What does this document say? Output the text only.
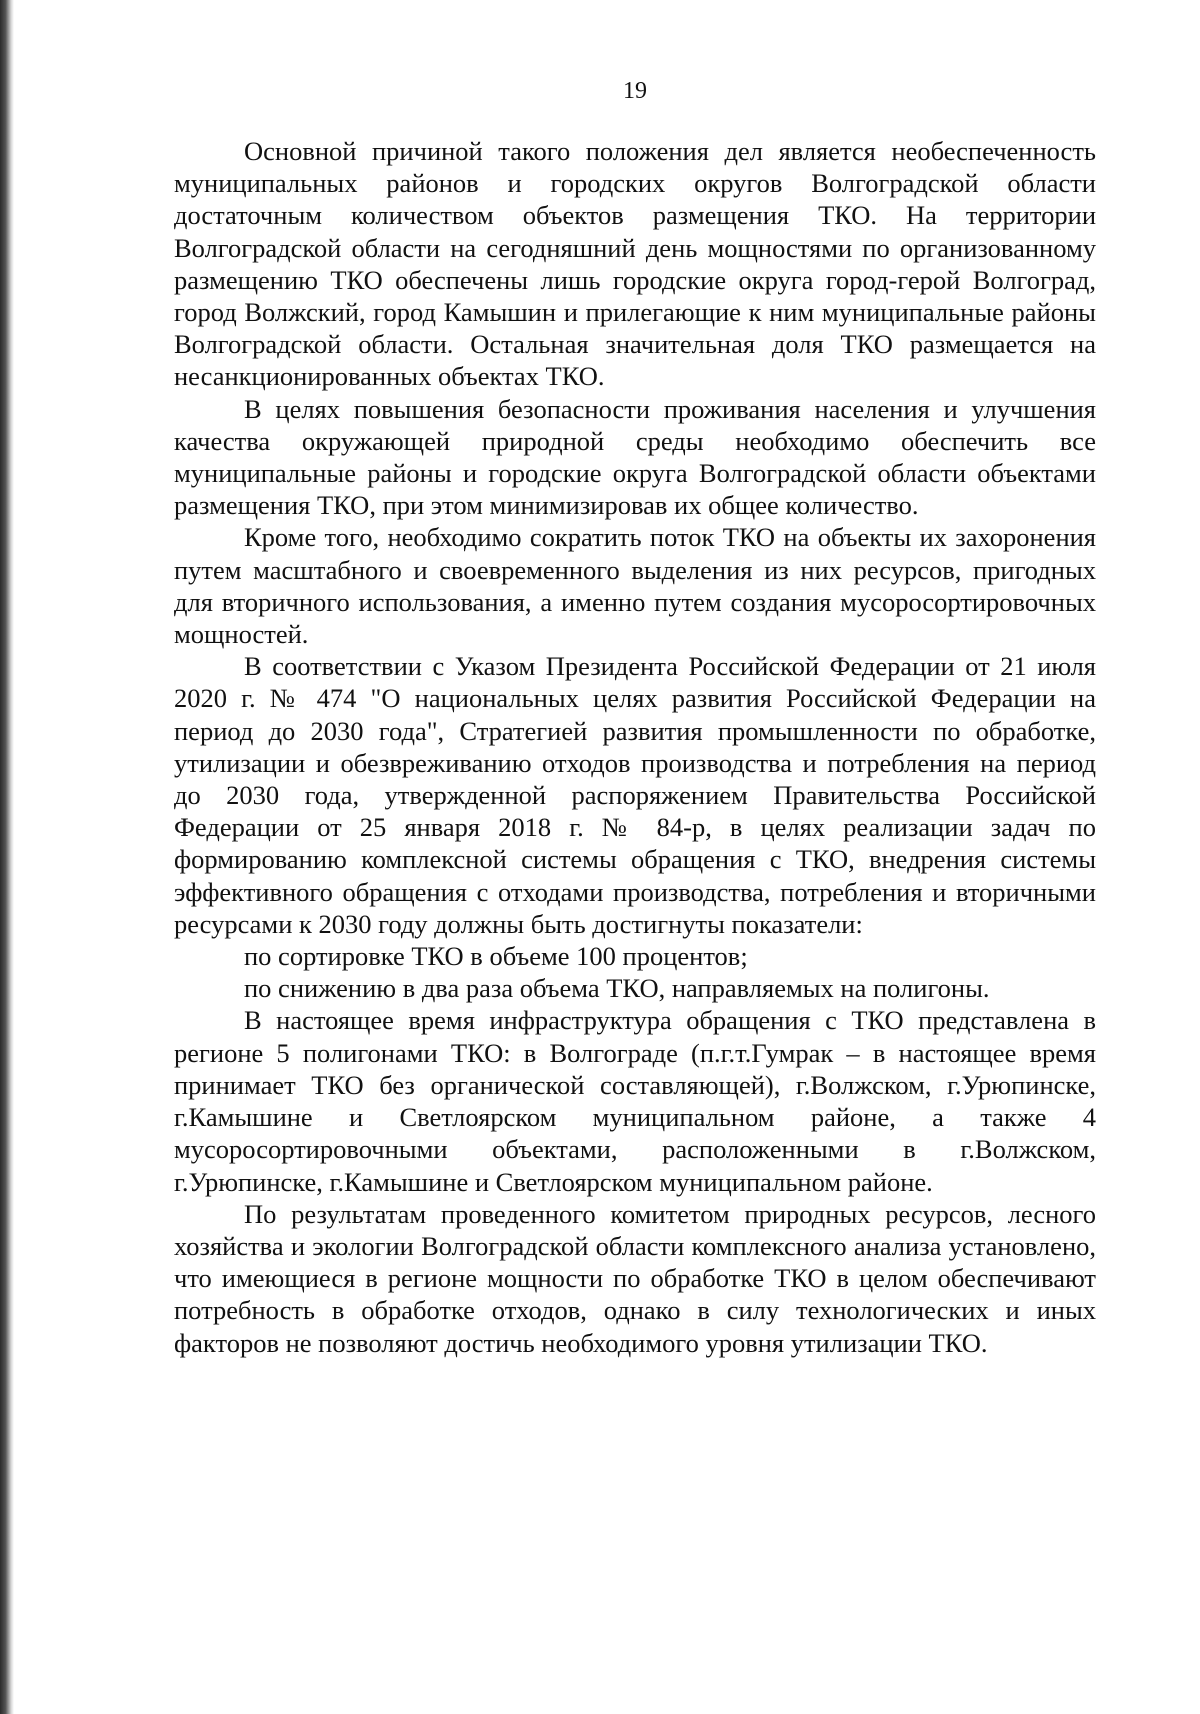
19

Основной причиной такого положения дел является необеспеченность муниципальных районов и городских округов Волгоградской области достаточным количеством объектов размещения ТКО. На территории Волгоградской области на сегодняшний день мощностями по организованному размещению ТКО обеспечены лишь городские округа город-герой Волгоград, город Волжский, город Камышин и прилегающие к ним муниципальные районы Волгоградской области. Остальная значительная доля ТКО размещается на несанкционированных объектах ТКО.

В целях повышения безопасности проживания населения и улучшения качества окружающей природной среды необходимо обеспечить все муниципальные районы и городские округа Волгоградской области объектами размещения ТКО, при этом минимизировав их общее количество.

Кроме того, необходимо сократить поток ТКО на объекты их захоронения путем масштабного и своевременного выделения из них ресурсов, пригодных для вторичного использования, а именно путем создания мусоросортировочных мощностей.

В соответствии с Указом Президента Российской Федерации от 21 июля 2020 г. № 474 "О национальных целях развития Российской Федерации на период до 2030 года", Стратегией развития промышленности по обработке, утилизации и обезвреживанию отходов производства и потребления на период до 2030 года, утвержденной распоряжением Правительства Российской Федерации от 25 января 2018 г. № 84-р, в целях реализации задач по формированию комплексной системы обращения с ТКО, внедрения системы эффективного обращения с отходами производства, потребления и вторичными ресурсами к 2030 году должны быть достигнуты показатели:

по сортировке ТКО в объеме 100 процентов;

по снижению в два раза объема ТКО, направляемых на полигоны.

В настоящее время инфраструктура обращения с ТКО представлена в регионе 5 полигонами ТКО: в Волгограде (п.г.т.Гумрак – в настоящее время принимает ТКО без органической составляющей), г.Волжском, г.Урюпинске, г.Камышине и Светлоярском муниципальном районе, а также 4 мусоросортировочными объектами, расположенными в г.Волжском, г.Урюпинске, г.Камышине и Светлоярском муниципальном районе.

По результатам проведенного комитетом природных ресурсов, лесного хозяйства и экологии Волгоградской области комплексного анализа установлено, что имеющиеся в регионе мощности по обработке ТКО в целом обеспечивают потребность в обработке отходов, однако в силу технологических и иных факторов не позволяют достичь необходимого уровня утилизации ТКО.
